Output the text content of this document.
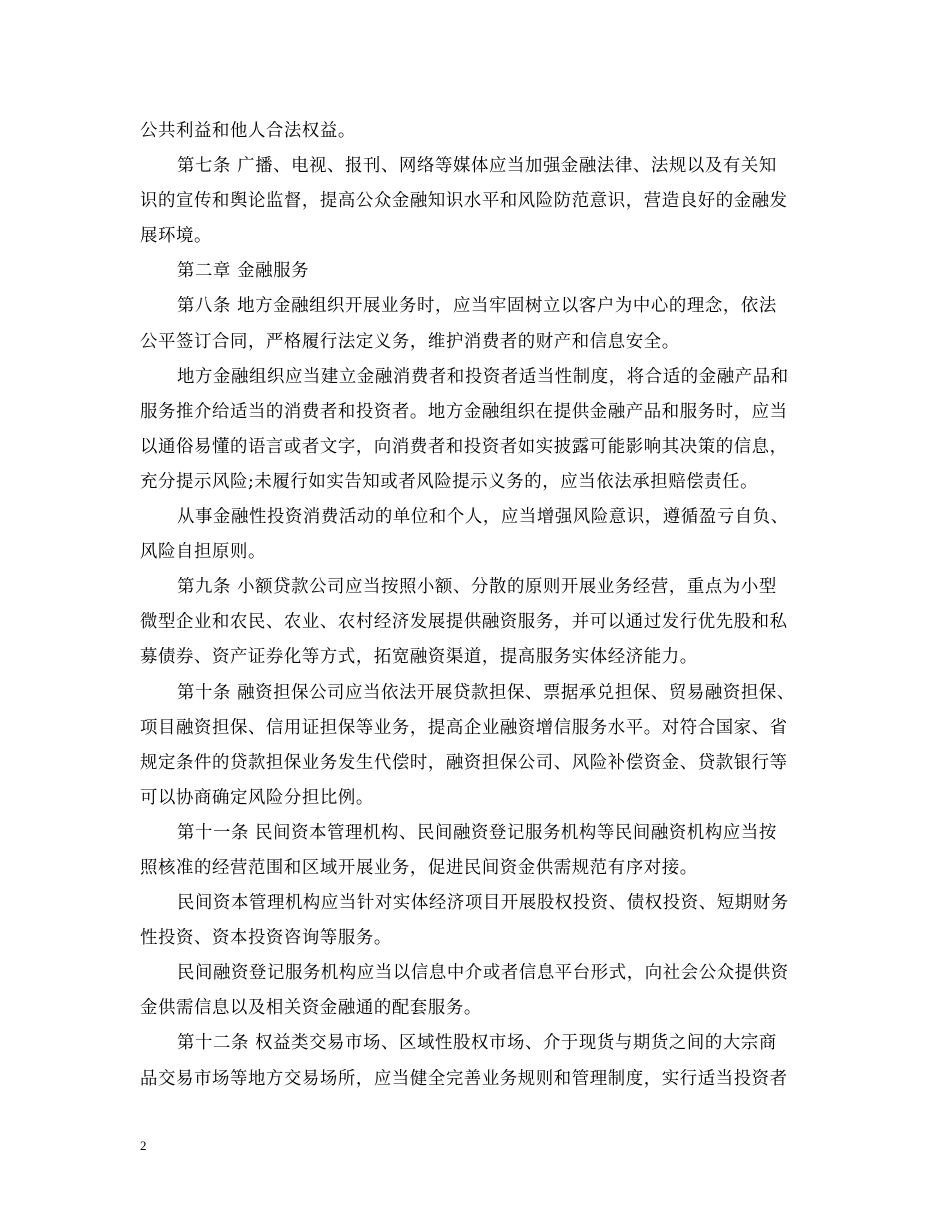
公共利益和他人合法权益。
第七条 广播、电视、报刊、网络等媒体应当加强金融法律、法规以及有关知
识的宣传和舆论监督，提高公众金融知识水平和风险防范意识，营造良好的金融发
展环境。
第二章 金融服务
第八条 地方金融组织开展业务时，应当牢固树立以客户为中心的理念，依法
公平签订合同，严格履行法定义务，维护消费者的财产和信息安全。
地方金融组织应当建立金融消费者和投资者适当性制度，将合适的金融产品和
服务推介给适当的消费者和投资者。地方金融组织在提供金融产品和服务时，应当
以通俗易懂的语言或者文字，向消费者和投资者如实披露可能影响其决策的信息，
充分提示风险;未履行如实告知或者风险提示义务的，应当依法承担赔偿责任。
从事金融性投资消费活动的单位和个人，应当增强风险意识，遵循盈亏自负、
风险自担原则。
第九条 小额贷款公司应当按照小额、分散的原则开展业务经营，重点为小型
微型企业和农民、农业、农村经济发展提供融资服务，并可以通过发行优先股和私
募债券、资产证券化等方式，拓宽融资渠道，提高服务实体经济能力。
第十条 融资担保公司应当依法开展贷款担保、票据承兑担保、贸易融资担保、
项目融资担保、信用证担保等业务，提高企业融资增信服务水平。对符合国家、省
规定条件的贷款担保业务发生代偿时，融资担保公司、风险补偿资金、贷款银行等
可以协商确定风险分担比例。
第十一条 民间资本管理机构、民间融资登记服务机构等民间融资机构应当按
照核准的经营范围和区域开展业务，促进民间资金供需规范有序对接。
民间资本管理机构应当针对实体经济项目开展股权投资、债权投资、短期财务
性投资、资本投资咨询等服务。
民间融资登记服务机构应当以信息中介或者信息平台形式，向社会公众提供资
金供需信息以及相关资金融通的配套服务。
第十二条 权益类交易市场、区域性股权市场、介于现货与期货之间的大宗商
品交易市场等地方交易场所，应当健全完善业务规则和管理制度，实行适当投资者
2
